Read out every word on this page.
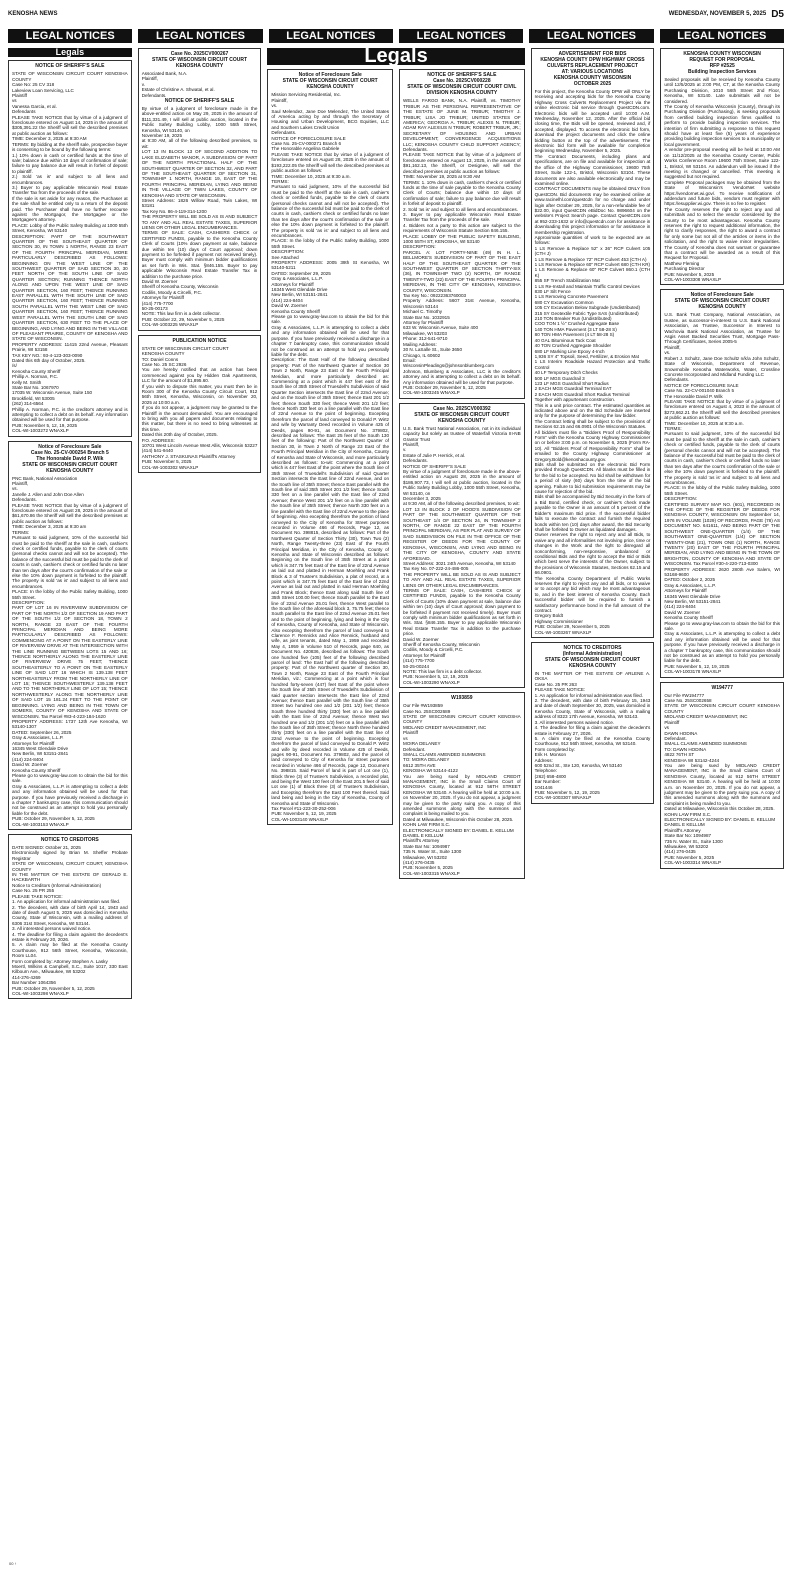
KENOSHA NEWS	WEDNESDAY, NOVEMBER 5, 2025 D5
LEGAL NOTICES	LEGAL NOTICES	LEGAL NOTICES	LEGAL NOTICES	LEGAL NOTICES	LEGAL NOTICES
Legals
NOTICE OF SHERIFF'S SALE
STATE OF WISCONSIN CIRCUIT COURT KENOSHA COUNTY
Case No: 25 CV 318
Lakeview Loan Servicing, LLC
Plaintiff
vs
Vanessa Garcia, et al.
Defendants
PLEASE TAKE NOTICE that by virtue of a judgment of foreclosure entered on August 14, 2025 in the amount of $305,391.22 the Sheriff will sell the described premises at public auction as follows:
TIME: December 3, 2025 at 9:30 AM
TERMS: By bidding at the sheriff sale, prospective buyer is consenting to be bound by the following terms:
1.) 10% down in cash or certified funds at the time of sale; balance due within 10 days of confirmation of sale; failure to pay balance due will result in forfeit of deposit to plaintiff.
2.) Sold 'as is' and subject to all liens and encumbrances.
3.) Buyer to pay applicable Wisconsin Real Estate Transfer Tax from the proceeds of the sale.
If the sale is set aside for any reason, the Purchaser at the sale shall be entitled only to a return of the deposit paid. The Purchaser shall have no further recourse against the Mortgagor, the Mortgagee or the Mortgagee's attorney.
PLACE: Lobby of the Public Safety Building at 1000 55th Street, Kenosha, WI 53140
DESCRIPTION: PART OF THE SOUTHWEST QUARTER OF THE SOUTHEAST QUARTER OF SECTION 30, IN TOWN 1 NORTH, RANGE 23 EAST OF THE FOURTH PRINCIPAL MERIDIAN, MORE PARTICULARLY DESCRIBED AS FOLLOWS: BEGINNING ON THE WEST LINE OF THE SOUTHWEST QUARTER OF SAID SECTION 30, 30 FEET NORTH OF THE SOUTH LINE OF SAID QUARTER SECTION; RUNNING THENCE NORTH ALONG AND UPON THE WEST LINE OF SAID QUARTER SECTION, 160 FEET; THENCE RUNNING EAST PARALLEL WITH THE SOUTH LINE OF SAID QUARTER SECTION, 160 FEET; THENCE RUNNING SOUTH PARALLEL WITH THE WEST LINE OF SAID QUARTER SECTION, 160 FEET; THENCE RUNNING WEST PARALLEL WITH THE SOUTH LINE OF SAID QUARTER SECTION, 630 FEET TO THE PLACE OF BEGINNING, AND LYING AND BEING IN THE VILLAGE OF PLEASANT PRAIRIE, COUNTY OF KENOSHA AND STATE OF WISCONSIN.
PROPERTY ADDRESS: 11415 22nd Avenue, Pleasant Prairie, WI 53158
TAX KEY NO.: 93-4-123-303-0090
Dated this 6th day of October, 2025.
/s/
Kenosha County Sheriff
Phillip A. Norman, P.C.
Kelly M. Smith
State Bar No. 1067970
17035 W. Wisconsin Avenue, Suite 150
Brookfield, WI 53005
(262) 314-6564
Phillip A. Norman, P.C. is the creditor's attorney and is attempting to collect a debt on its behalf. Any information obtained will be used for that purpose.
PUB: November 5, 12, 19, 2025
COL-WI-1003272 WNAXLP
Notice of Foreclosure Sale
Case No. 25-CV-000254 Branch 5
The Honorable David P. Wilk
STATE OF WISCONSIN CIRCUIT COURT KENOSHA COUNTY
PNC Bank, National Association
Plaintiff,
vs.
Janelle J. Allen and John Doe Allen
Defendants.
PLEASE TAKE NOTICE that by virtue of a judgment of foreclosure entered on August 28, 2025 in the amount of $61,670.86 the Sheriff will sell the described premises at public auction as follows:
TIME: December 3, 2025 at 9:30 am
TERMS:
Pursuant to said judgment, 10% of the successful bid must be paid to the sheriff at the sale in cash, cashier's check or certified funds, payable to the clerk of courts (personal checks cannot and will not be accepted). The balance of the successful bid must be paid to the clerk of courts in cash, cashier's check or certified funds no later than ten days after the court's confirmation of the sale or else the 10% down payment is forfeited to the plaintiff. The property is sold 'as is' and subject to all liens and encumbrances.
PLACE: In the lobby of the Public Safety Building, 1000 55th Street.
DESCRIPTION:
PART OF LOT 16 IN RIVERVIEW SUBDIVISION OF PART OF THE NORTH 1/2 OF SECTION 19 AND PART OF THE SOUTH 1/2 OF SECTION 18, TOWN 2 NORTH, RANGE 23 EAST OF THE FOURTH PRINCIPAL MERIDIAN AND BEING MORE PARTICULARLY DESCRIBED AS FOLLOWS: COMMENCING AT A POINT ON THE EASTERLY LINE OF RIVERVIEW DRIVE AT THE INTERSECTION WITH THE LINE RUNNING BETWEEN LOTS 15 AND 16; THENCE NORTHERLY ALONG THE EASTERLY LINE OF RIVERVIEW DRIVE 75 FEET; THENCE SOUTHEASTERLY TO A POINT ON THE EASTERLY LINE OF SAID LOT 16 WHICH IS 139.138 FEET NORTHEASTERLY FROM THE NORTHERLY LINE OF LOT 15; THENCE SOUTHWESTERLY 139.138 FEET AND TO THE NORTHERLY LINE OF LOT 15; THENCE NORTHWESTERLY ALONG THE NORTHERLY LINE OF SAID LOT 15 181.24 FEET TO THE POINT OF BEGINNING. LYING AND BEING IN THE TOWN OF SOMERS, COUNTY OF KENOSHA AND STATE OF WISCONSIN. Tax Parcel #83-4-223-184-1620
PROPERTY ADDRESS: 1737 12th Ave Kenosha, WI 53140-1307
DATED: September 26, 2025
Gray & Associates, L.L.P.
Attorneys for Plaintiff
16345 West Glendale Drive
New Berlin, WI 53151-2841
(414) 224-8404
David W. Zoerner
Kenosha County Sheriff
Please go to www.gray-law.com to obtain the bid for this sale.
Gray & Associates, L.L.P. is attempting to collect a debt and any information obtained will be used for that purpose. If you have previously received a discharge in a chapter 7 bankruptcy case, this communication should not be construed as an attempt to hold you personally liable for the debt.
PUB: October 29, November 5, 12, 2025
COL-WI-1003153 WNAXLP
NOTICE TO CREDITORS
DATE SIGNED: October 21, 2025
Electronically signed by Brian M. Sheffer Probate Registrar
STATE OF WISCONSIN, CIRCUIT COURT, KENOSHA COUNTY
IN THE MATTER OF THE ESTATE OF GERALD E. HACKBARTH
Notice to Creditors (Informal Administration)
Case No. 25 PR 255
PLEASE TAKE NOTICE:
1. An application for informal administration was filed.
2. The decedent, with date of birth April 14, 1943 and date of death August 5, 2025 was domiciled in Kenosha County, State of Wisconsin, with a mailing address of 6306 31st Street, Kenosha, WI 53144.
3. All interested persons waived notice.
4. The deadline for filing a claim against the decedent's estate is February 20, 2026.
5. A claim may be filed at the Kenosha County Courthouse, 912 56th Street, Kenosha, Wisconsin, Room LL04.
Form completed by: Attorney Stephen A. Lasky
Moertl, Wilkins & Campbell, S.C., Suite 1017, 330 East Kilbourn Ave., Milwaukee, WI 53202
414-276-4269
Bar Number 1064356
PUB: October 29, November 5, 12, 2025
COL-WI-1003298 WNAXLP
00 ↑
Case No. 2025CV000267
STATE OF WISCONSIN CIRCUIT COURT KENOSHA COUNTY
Associated Bank, N.A.
Plaintiff,
v.
Estate of Christine A. Shwatal, et al.
Defendants.
NOTICE OF SHERIFF'S SALE
By virtue of a judgment of foreclosure made in the above-entitled action on May 29, 2025 in the amount of $111,331.49, I will sell at public auction, located in the Public Safety Building Lobby, 1000 55th Street, Kenosha, WI 53140, on
November 19, 2025
at 9:30 AM, all of the following described premises, to wit:
LOT 13 IN BLOCK 13 OF SECOND ADDITION TO LAKE ELIZABETH MANOR, A SUBDIVISION OF PART OF THE NORTH FRACTIONAL HALF OF THE SOUTHWEST QUARTER OF SECTION 32, AND PART OF THE SOUTHEAST QUARTER OF SECTION 31, TOWNSHIP 1 NORTH, RANGE 19, EAST OF THE FOURTH PRINCIPAL MERIDIAN, LYING AND BEING IN THE VILLAGE OF TWIN LAKES, COUNTY OF KENOSHA AND STATE OF WISCONSIN.
Street Address: 1826 Willow Road, Twin Lakes, WI 53181
Tax Key No. 86-4-119-314-1200
THE PROPERTY WILL BE SOLD AS IS AND SUBJECT TO ANY AND ALL REAL ESTATE TAXES, SUPERIOR LIENS OR OTHER LEGAL ENCUMBRANCES.
TERMS OF SALE: CASH, CASHIERS CHECK or CERTIFIED FUNDS, payable to the Kenosha County Clerk of Courts (10% down payment at sale, balance due within ten (10) days of Court approval; down payment to be forfeited if payment not received timely). Buyer must comply with minimum bidder qualifications as set forth in Wis. Stat. §846.155. Buyer to pay applicable Wisconsin Real Estate Transfer Tax in addition to the purchase price.
David W. Zoerner
Sheriff of Kenosha County, Wisconsin
Codilis, Moody & Circelli, P.C.
Attorneys for Plaintiff
(414) 775-7700
50-25-00173
NOTE: This law firm is a debt collector.
PUB: October 22, 29, November 5, 2025
COL-WI-1003225 WNAXLP
PUBLICATION NOTICE
STATE OF WISCONSIN CIRCUIT COURT
KENOSHA COUNTY
TO: Daniel Conns
Case No. 25 SC 2926
You are hereby notified that an action has been commenced against you by Hidden Oak Apartments, LLC for the amount of $1,895.60.
If you wish to dispute this matter, you must then be in Room 300 of the Kenosha County Circuit Court, 912 56th Street, Kenosha, Wisconsin, on November 20, 2025 at 10:00 a.m.
If you do not appear, a judgment may be granted to the Plaintiff in the amount demanded. You are encouraged to bring with you all papers and documents relating to this matter, but there is no need to bring witnesses at this time.
Dated this 20th day of October, 2025.
P.O. ADDRESS:
10701 West Lincoln Avenue West Allis, Wisconsin 53227 (414) 541-9440
ANTHONY J. STASKUNAS Plaintiff's Attorney
PUB: November 5, 2025
COL-WI-1003302 WNAXLP
Legals
Notice of Foreclosure Sale
STATE OF WISCONSIN CIRCUIT COURT
KENOSHA COUNTY
Mission Servicing Residential, Inc.
Plaintiff,
vs.
Saul Melendez, Jane Doe Melendez, The United States of America acting by and through the Secretary of Housing and Urban Development, BCG Equities, LLC and Southern Lakes Credit Union
Defendants.
NOTICE OF FORECLOSURE SALE
Case No. 25-CV-000271 Branch 6
The Honorable Angelina Gabriele
PLEASE TAKE NOTICE that by virtue of a judgment of foreclosure entered on August 28, 2025 in the amount of $193,222.05 the Sheriff will sell the described premises at public auction as follows:
TIME: December 10, 2025 at 9:30 a.m.
TERMS:
Pursuant to said judgment, 10% of the successful bid must be paid to the sheriff at the sale in cash, cashier's check or certified funds, payable to the clerk of courts (personal checks cannot and will not be accepted). The balance of the successful bid must be paid to the clerk of courts in cash, cashier's check or certified funds no later than ten days after the court's confirmation of the sale or else the 10% down payment is forfeited to the plaintiff. The property is sold 'as is' and subject to all liens and encumbrances.
PLACE: In the lobby of the Public Safety Building, 1000 55th Street.
DESCRIPTION:
See Attached
PROPERTY ADDRESS: 2005 39th St Kenosha, WI 53140-5211
DATED: September 29, 2025
Gray & Associates, L.L.P.
Attorneys for Plaintiff
16345 West Glendale Drive
New Berlin, WI 53151-2841
(414) 224-8404
David W. Zoerner
Kenosha County Sheriff
Please go to www.gray-law.com to obtain the bid for this sale.
Gray & Associates, L.L.P. is attempting to collect a debt and any information obtained will be used for that purpose. If you have previously received a discharge in a chapter 7 bankruptcy case, this communication should not be construed as an attempt to hold you personally liable for the debt.
Description: The East Half of the following described property: Part of the Northwest Quarter of Section 30 Town 2 North, Range 23 East of the Fourth Principal Meridian, and more particularly described as: Commencing at a point which is 447 feet east of the South line of 35th Street of Truesdell's Subdivision of said Quarter Section intersects the East line of 22nd Avenue; and on the South line of 35th Street; thence East 201 1/2 feet; thence South 330 feet; thence West 201 1/2 feet; thence North 330 feet on a line parallel with the East line of 22nd Avenue to the point of beginning. Excepting therefrom the parcel of land conveyed to Donald P. Wirtz and wife by Warranty Deed recorded in Volume 425 of Deeds, pages 90-91, as Document No. 379802, described as follows: The East 25 feet of the South 130 feet of the following: Part of the Northwest Quarter of Section 30, in Town 2 North of Range 23 East of the Fourth Principal Meridian in the City of Kenosha, County of Kenosha and State of Wisconsin, and more particularly described as follows: to-wit: Commencing at a point which is 447 feet East of the point where the South line of 35th Street of Truesdell's Subdivision of said Quarter Section intersects the East line of 22nd Avenue, and on the South line of 35th Street; thence East parallel with the South line of said 35th Street 201 1/2 feet; thence South 330 feet on a line parallel with the East line of 22nd Avenue; thence West 201 1/2 feet on a line parallel with the South line of 35th Street; thence North 330 feet on a line parallel with the East line of 22nd Avenue to the place of beginning. Also excepting therefrom the portion of land conveyed to the City of Kenosha for Street purposes recorded in Volume 466 of Records, Page 12, as Document No. 398815, described as follows: Part of the Northwest Quarter of Section Thirty (30), Town Two (2) North, Range Twenty-three (23) East of the Fourth Principal Meridian, in the City of Kenosha, County of Kenosha and State of Wisconsin described as follows: Beginning on the South line of 35th Street at a point which is 347.75 feet East of the East line of 22nd Avenue as laid out and platted in Herman Moehling and Frank Block & 3 of Trustee's Subdivision, a plat of record, at a point which is 347.75 feet East of the East line of 22nd Avenue as laid out and platted in said Herman Moehling and Frank Block; thence East along said South line of 35th Street 100.00 feet; thence South parallel to the East line of 22nd Avenue 25.01 feet, thence West parallel to the South line of the aforesaid block 3, 75.75 feet; thence South parallel to the East line of 22nd Avenue 25.01 feet and to the point of beginning, lying and being in the City of Kenosha, County of Kenosha, and State of Wisconsin. Also excepting therefrom the parcel of land conveyed to Clarence F. Rennicks and Alice Rennick, husband and wife, as joint tenants, dated May 1, 1959 and recorded May 4, 1959 in Volume 510 of Records, page 640, as Document No. 420836, described as follows: The South one hundred five (105) feet of the following described parcel of land: The East half of the following described property: Part of the Northwest quarter of Section 30, Town 2 North, Range 23 East of the Fourth Principal Meridian, viz.: Commencing at a point which is four hundred forty-seven (447) feet East of the point where the South line of 35th Street of Truesdell's Subdivision of said quarter section intersects the East line of 22nd Avenue; thence East parallel with the South line of 35th Street two hundred one and 1/2 (201 1/2) feet; thence South three hundred thirty (330) feet on a line parallel with the East line of 22nd Avenue; thence West two hundred one and 1/2 (201 1/2) feet on a line parallel with the South line of 35th Street; thence North three hundred thirty (330) feet on a line parallel with the East line of 22nd Avenue to the point of beginning. Excepting therefrom the parcel of land conveyed to Donald P. Wirtz and wife by deed recorded in Volume 425 of Deeds, pages 90-91, Document No. 379802, and the parcel of land conveyed to City of Kenosha for street purposes recorded in Volume 466 of Records, page 12, Document No. 398815. Said Parcel of land is part of Lot one (1), Block three (3) of Trustee's Subdivision, a recorded plat, and being the West 100 feet of the East 201.5 feet of said Lot one (1) of Block three (3) of Trustee's Subdivision, and Excepting therefrom the East 100 Feet thereof. Said land being and being in the City of Kenosha, County of Kenosha and State of Wisconsin.
Tax Parcel #11-223-30-252-006
PUB: November 5, 12, 19, 2025
COL-WI-1003140 WNAXLP
NOTICE OF SHERIFF'S SALE
Case No. 2025CV000228
STATE OF WISCONSIN CIRCUIT COURT CIVIL DIVISION KENOSHA COUNTY
WELLS FARGO BANK, N.A. Plaintiff, vs. TIMOTHY TRIBUR AS THE PERSONAL REPRESENTATIVE OF THE ESTATE OF JUNE M. TRIBUR; TIMOTHY J. TRIBUR; LISA JO TRIBUR; UNITED STATES OF AMERICA; GEORGIA A. TRIBUR; ALEXIS N. TRIBUR; ADAM RAY ALEXIUS N TRIBUR; ROBERT TRIBUR, JR.; SECRETARY OF HOUSING AND URBAN DEVELOPMENT; CONVERGENCE ACQUISITIONS LLC; KENOSHA COUNTY CHILD SUPPORT AGENCY; Defendants.
PLEASE TAKE NOTICE that by virtue of a judgment of foreclosure entered on August 13, 2025, in the amount of $91,162.13, the Sheriff, or Designee, will sell the described premises at public auction as follows:
TIME: November 19, 2025 at 9:30 AM
TERMS: 1. 10% down in cash, cashier's check or certified funds at the time of sale payable to the Kenosha County Clerk of Courts; balance due within 10 days of confirmation of sale; failure to pay balance due will result in forfeit of deposit to plaintiff.
2. Sold 'as is' and subject to all liens and encumbrances.
3. Buyer to pay applicable Wisconsin Real Estate Transfer Tax from the proceeds of the sale.
4. Bidders not a party to this action are subject to the requirements of Wisconsin Statute Section 846.155.
PLACE: LOBBY OF THE PUBLIC SAFETY BUILDING, 1000 55TH ST, KENOSHA, WI 53140
DESCRIPTION:
PARCEL A: LOT FORTY-NINE (49) IN H. L. BELLMORE'S SUBDIVISION OF PART OF THE EAST HALF OF THE SOUTHEAST QUARTER OF THE SOUTHWEST QUARTER OF SECTION THIRTY-SIX (36), IN TOWNSHIP TWO (2) NORTH, OF RANGE TWENTY-TWO (22) EAST OF THE FOURTH PRINCIPAL MERIDIAN, IN THE CITY OF KENOSHA, KENOSHA COUNTY, WISCONSIN.
Tax Key No.: 09222363760003
Property Address: 5607 31st Avenue, Kenosha, Wisconsin 53144
Michael C. Timothy
State Bar No. 1032915
Attorney for Plaintiff
633 W. Wisconsin Avenue, Suite 400
Milwaukee, WI 53203
Phone: 312-541-9710
Mailing Address:
30 N. LaSalle St., Suite 3650
Chicago, IL 60602
Email:
WisconsinPleadings@johnsonblumberg.com
Johnson, Blumberg & Associates, LLC is the creditor's attorney and is attempting to collect a debt on its behalf. Any information obtained will be used for that purpose.
PUB: October 29, November 5, 12, 2025
COL-WI-1003245 WNAXLP
Case No. 2025CV000392
STATE OF WISCONSIN CIRCUIT COURT
KENOSHA COUNTY
U.S. Bank Trust National Association, not in its individual capacity but solely as trustee of Waterfall Victoria III-NB Grantor Trust
Plaintiff,
v.
Estate of Julie P. Herrick, et al.
Defendants.
NOTICE OF SHERIFF'S SALE
By virtue of a judgment of foreclosure made in the above-entitled action on August 28, 2025 in the amount of $186,907.73, I will sell at public auction, located in the Public Safety Building Lobby, 1000 55th Street, Kenosha, WI 53140, on
December 3, 2025
at 9:30 AM, all of the following described premises, to wit:
LOT 13 IN BLOCK 2 OF HOOD'S SUBDIVISION OF PART OF THE SOUTHWEST QUARTER OF THE SOUTHEAST 1/4 OF SECTION 24, IN TOWNSHIP 2 NORTH, OF RANGE 22 EAST OF THE FOURTH PRINCIPAL MERIDIAN, AS PER PLAT AND SURVEY OF SAID SUBDIVISION ON FILE IN THE OFFICE OF THE REGISTER OF DEEDS FOR THE COUNTY OF KENOSHA, WISCONSIN, AND LYING AND BEING IN THE CITY OF KENOSHA, COUNTY AND STATE AFORESAID.
Street Address: 3021 24th Avenue, Kenosha, WI 53140
Tax Key No. 07-222-24-486-005
THE PROPERTY WILL BE SOLD AS IS AND SUBJECT TO ANY AND ALL REAL ESTATE TAXES, SUPERIOR LIENS OR OTHER LEGAL ENCUMBRANCES.
TERMS OF SALE: CASH, CASHIERS CHECK or CERTIFIED FUNDS, payable to the Kenosha County Clerk of Courts (10% down payment at sale, balance due within ten (10) days of Court approval; down payment to be forfeited if payment not received timely). Buyer must comply with minimum bidder qualifications as set forth in Wis. Stat. §846.155. Buyer to pay applicable Wisconsin Real Estate Transfer Tax in addition to the purchase price.
David W. Zoerner
Sheriff of Kenosha County, Wisconsin
Codilis, Moody & Circelli, P.C.
Attorneys for Plaintiff
(414) 775-7700
50-25-00244
NOTE: This law firm is a debt collector.
PUB: November 5, 12, 19, 2025
COL-WI-1003290 WNAXLP
W193859
Our File #W193859
Case No. 25SC002689
STATE OF WISCONSIN CIRCUIT COURT KENOSHA COUNTY
MIDLAND CREDIT MANAGEMENT, INC
Plaintiff
vs
MOIRA DELANEY
Defendant.
SMALL CLAIMS AMENDED SUMMONS
TO: MOIRA DELANEY
6612 35TH AVE
KENOSHA WI 53144-4122
You are being sued by MIDLAND CREDIT MANAGEMENT, INC in the Small Claims Court of KENOSHA County, located at 912 56TH STREET KENOSHA WI 53140. A hearing will be held at 10:00 a.m. on November 20, 2025. If you do not appear, a judgment may be given to the party suing you. A copy of this amended summons along with the summons and complaint is being mailed to you.
Dated at Milwaukee, Wisconsin this October 28, 2025.
KOHN LAW FIRM S.C.
ELECTRONICALLY SIGNED BY: DANIEL E. KELLUM
DANIEL E KELLUM
Plaintiff's Attorney
State Bar No: 1094987
735 N. Water St., Suite 1300
Milwaukee, WI 53202
(414) 276-0435
PUB: November 5, 2025
COL-WI-1003315 WNAXLP
ADVERTISEMENT FOR BIDS
KENOSHA COUNTY DPW HIGHWAY CROSS CULVERTS REPLACEMENT PROJECT
AT: VARIOUS LOCATIONS
KENOSHA COUNTY WISCONSIN
OCTOBER 2025
For this project, the Kenosha County DPW will ONLY be receiving and accepting bids for the Kenosha County Highway Cross Culverts Replacement Project via the online electronic bid service through QuestCDN.com. Electronic bids will be accepted until 10:00 A.M. Wednesday, November 12, 2025. After the official bid closing time, the Bids will be opened, reviewed and, if accepted, displayed. To access the electronic bid form, download the project documents and click the online bidding button at the top of the advertisement. The electronic bid form will be available for completion beginning Wednesday, November 5, 2025.
The Contract Documents, including plans and specifications, are on file and available for inspection at the office of the Highway Commissioner, 19600 75th Street, Suite 122-1, Bristol, Wisconsin 53104. These documents are also available electronically and may be examined online.
CONTRACT DOCUMENTS may be obtained ONLY from QuestCDN. Bid documents may be examined online at www.racinelhl.com/questcdn for no charge and under login after October 29, 2025, for a non-refundable fee of $22.00, input QuestCDN eBidDoc No. 9896604 on the website's Project Search page. Contact QuestCDN.com at 952-233-1632 or info@questcdn.com for assistance in downloading this project information or for assistance in membership registration.
Approximate quantities of work to be expected are as follows:
1 LS Remove & Replace 52" x 36" RCP Culvert 105 (CTH J)
1 LS Remove & Replace 72" RCP Culvert 453 (CTH A)
1 LS Remove & Replace 60" RCP Culvert 680 (CTH KR)
1 LS Remove & Replace 60" RCP Culvert 860.1 (CTH K)
855 SF Trench Stabilization Mat
1 LS Re-Install and Maintain Traffic Control Devices
830 LF Silt Fence
1 LS Removing Concrete Pavement
680 CY Excavation Common
105 CY Excavation Below Subgrade (Undistributed)
315 SY Geotextile Fabric Type SAS (Undistributed)
210 TON Breaker Run (Undistributed)
COO TON 1 ½" Crushed Aggregate Base
140 TON HMA Pavement (3 LT 58-28 S)
80 TON HMA Pavement (4 LT 58-28 S)
40 GAL Bituminous Tack Coat
40 TON Crushed Aggregate Shoulder
680 LF Marking Line Epoxy 4-Inch
1,936 SY 4" Topsoil, Seed, Fertilizer, & Erosion Mat
1 LS Interim Roadside Hazard Protection and Traffic Control
40 LF Temporary Ditch Checks
500 LF MGS Guardrail 3
123 LF MGS Guardrail Short Radius
2 EACH MGS Guardrail Terminal EAT
2 EACH MGS Guardrail Short Radius Terminal
Together with appurtenant construction.
This is a unit price contract. The estimated quantities as indicated above and on the Bid Schedule are inserted only for the purpose of determining the low bidder.
The Contract letting shall be subject to the provisions of Sections 62.15 and 66.0901 of the Wisconsin Statutes.
All bidders must file a "Bidders Proof of Responsibility Form" with the Kenosha County Highway Commissioner on or before 3:00 p.m. on November 6, 2025 (Form RA-10). All "Bidders Proof of Responsibility Form" shall be emailed to the County Highway Commissioner at Gregory.Bold@kenoshacounty.gov.
Bids shall be submitted on the electronic Bid Form provided through QuestCDN. All blanks must be filled in for the bid to be accepted. No bid shall be withdrawn for a period of sixty (60) days from the time of the bid opening. Failure to bid submission requirements may be cause for rejection of the bid.
Bids shall be accompanied by Bid Security in the form of a Bid Bond, certified check, or cashier's check made payable to the Owner in an amount of 5 percent of the Bidder's maximum Bid price. If the successful bidder fails to execute the contract and furnish the required bonds within ten (10) days after award, the Bid Security shall be forfeited to Owner as liquidated damages.
Owner reserves the right to reject any and all Bids, to waive any and all informalities not involving price, time or changes in the Work and the right to disregard all nonconforming, non-responsive, unbalanced or conditional Bids and the right to accept the Bid or Bids which best serve the interests of the Owner, subject to the provisions of Wisconsin Statutes, Sections 62.15 and 66.0901.
The Kenosha County Department of Public Works reserves the right to reject any and all bids, or to waive or to accept any bid which may be most advantageous to, and in the best interest of Kenosha County. Each successful bidder will be required to furnish a satisfactory performance bond in the full amount of the contract.
Gregory Boldt
Highway Commissioner
PUB: October 29, November 5, 2025
COL-WI-1003267 WNAXLP
NOTICE TO CREDITORS
(Informal Administration)
STATE OF WISCONSIN CIRCUIT COURT KENOSHA COUNTY
IN THE MATTER OF THE ESTATE OF ARLENE A. OKSA
Case No. 25 PR 263
PLEASE TAKE NOTICE:
1. An application for informal administration was filed.
2. The decedent, with date of birth February 15, 1943 and date of death September 30, 2025, was domiciled in Kenosha County, State of Wisconsin, with a mailing address of 8323 17th Avenue, Kenosha, WI 53143.
3. All interested persons waived notice.
4. The deadline for filing a claim against the decedent's estate is February 27, 2026.
5. A claim may be filed at the Kenosha County Courthouse, 912 56th Street, Kenosha, WI 53140.
Form completed by:
Erik H. Monson
Address:
600 52nd St., Ste 120, Kenosha, WI 53140
Telephone:
(262) 658-4800
Bar Number:
1041446
PUB: November 5, 12, 19, 2025
COL-WI-1003307 WNAXLP
KENOSHA COUNTY WISCONSIN
REQUEST FOR PROPOSAL
RFP #2525
Building Inspection Services
Sealed proposals will be received by Kenosha County until 12/5/2025 at 2:00 PM, CT, at the Kenosha County Purchasing Division, 1010 56th Street 2nd Floor, Kenosha, WI 53140. Late submittals will not be considered.
The County of Kenosha Wisconsin (County), through its Purchasing Division (Purchasing), is seeking proposals from certified building inspection firms qualified to perform to provide building inspection services. The intention of firm submitting a response to this request should have at least five (5) years of experience providing building inspection services to a municipality or local government.
A vendor pre-proposal meeting will be held at 10:00 AM on 11/12/2025 at the Kenosha County Center, Public Works Conference Room 19600 75th Street, Suite 122-1, Bristol, WI 53104. An addendum will be issued if the meeting is changed or cancelled. This meeting is suggested but not required.
Complete Proposal packages may be obtained from the State of Wisconsin's VendorNet website https://vendornet.wi.gov/. To receive notifications of addendum and future bids, vendors must register with https://esupplier.wi.gov. There is no fee to register.
The County reserves the right to reject any and all submittals and to select the vendor considered by the County to be most advantageous. Kenosha County reserves the right to request additional information, the right to clarify responses, the right to award a contract for only some but not all of the articles or items in the solicitation, and the right to waive minor irregularities. The County of Kenosha does not warrant or guarantee that a contract will be awarded as a result of this Request for Proposal.
Matthew Fleming
Purchasing Director
PUB: November 5, 2025
COL-WI-1003308 WNAXLP
Notice of Foreclosure Sale
STATE OF WISCONSIN CIRCUIT COURT
KENOSHA COUNTY
U.S. Bank Trust Company, National Association, as trustee, as successor-in-interest to U.S. Bank National Association, as Trustee, Successor in Interest to Wachovia Bank National Association, as Trustee for Asgis Asset Backed Securities Trust, Mortgage Pass-Through Certificates, Series 2005-5
Plaintiff,
vs.
Robert J. Schultz, Jane Doe Schultz n/k/a John Schultz, State of Wisconsin, Department of Revenue, Snowmobile Kenosha Waterworks, Water, Crossline Concrete Incorporated and Midland Funding LLC
Defendants.
NOTICE OF FORECLOSURE SALE
Case No. 22-CV-001040 Branch 5
The Honorable David P. Wilk
PLEASE TAKE NOTICE that by virtue of a judgment of foreclosure entered on August 4, 2023 in the amount of $273,662.21 the Sheriff will sell the described premises at public auction as follows:
TIME: December 10, 2025 at 9:30 a.m.
TERMS:
Pursuant to said judgment, 10% of the successful bid must be paid to the sheriff at the sale in cash, cashier's check or certified funds, payable to the clerk of courts (personal checks cannot and will not be accepted). The balance of the successful bid must be paid to the clerk of courts in cash, cashier's check or certified funds no later than ten days after the court's confirmation of the sale or else the 10% down payment is forfeited to the plaintiff. The property is sold 'as is' and subject to all liens and encumbrances.
PLACE: In the lobby of the Public Safety Building, 1000 55th Street.
DESCRIPTION:
CERTIFIED SURVEY MAP NO. (601), RECORDED IN THE OFFICE OF THE REGISTER OF DEEDS FOR KENOSHA COUNTY, WISCONSIN ON September 14, 1976 IN VOLUME (1029) OF RECORDS, PAGE (78) AS DOCUMENT NO. 641611, AND BEING PART OF THE SOUTHWEST ONE-QUARTER (1/4) OF THE SOUTHWEST ONE-QUARTER (1/4) OF SECTION TWENTY-ONE (21), TOWN ONE (1) NORTH, RANGE TWENTY (20) EAST OF THE FOURTH PRINCIPAL MERIDIAN, AND LYING AND BEING IN THE TOWN OF BRIGHTON, COUNTY OF KENOSHA AND STATE OF WISCONSIN. Tax Parcel #30-4-220-713-0300
PROPERTY ADDRESS: 2620 280th Ave Salem, WI 53168-9600
DATED: October 2, 2025
Gray & Associates, L.L.P.
Attorneys for Plaintiff
16345 West Glendale Drive
New Berlin, WI 53151-2841
(414) 224-8404
David W. Zoerner
Kenosha County Sheriff
Please go to www.gray-law.com to obtain the bid for this sale.
Gray & Associates, L.L.P. is attempting to collect a debt and any information obtained will be used for that purpose. If you have previously received a discharge in a chapter 7 bankruptcy case, this communication should not be construed as an attempt to hold you personally liable for the debt.
PUB: November 5, 12, 19, 2025
COL-WI-1003178 WNAXLP
W194777
Our File #W194777
Case No. 25SC002658
STATE OF WISCONSIN CIRCUIT COURT KENOSHA COUNTY
MIDLAND CREDIT MANAGEMENT, INC
Plaintiff
vs
DAWN HODINA
Defendant.
SMALL CLAIMS AMENDED SUMMONS
TO: DAWN HODINA
4822 76TH ST
KENOSHA WI 53142-4244
You are being sued by MIDLAND CREDIT MANAGEMENT, INC in the Small Claims Court of KENOSHA County, located at 912 56TH STREET KENOSHA WI 53140. A hearing will be held at 10:00 a.m. on November 20, 2025. If you do not appear, a judgment may be given to the party suing you. A copy of this amended summons along with the summons and complaint is being mailed to you.
Dated at Milwaukee, Wisconsin this October 28, 2025.
KOHN LAW FIRM S.C.
ELECTRONICALLY SIGNED BY: DANIEL E. KELLUM
DANIEL E KELLUM
Plaintiff's Attorney
State Bar No: 1094987
735 N. Water St., Suite 1300
Milwaukee, WI 53202
(414) 276-0435
PUB: November 5, 2025
COL-WI-1003314 WNAXLP
